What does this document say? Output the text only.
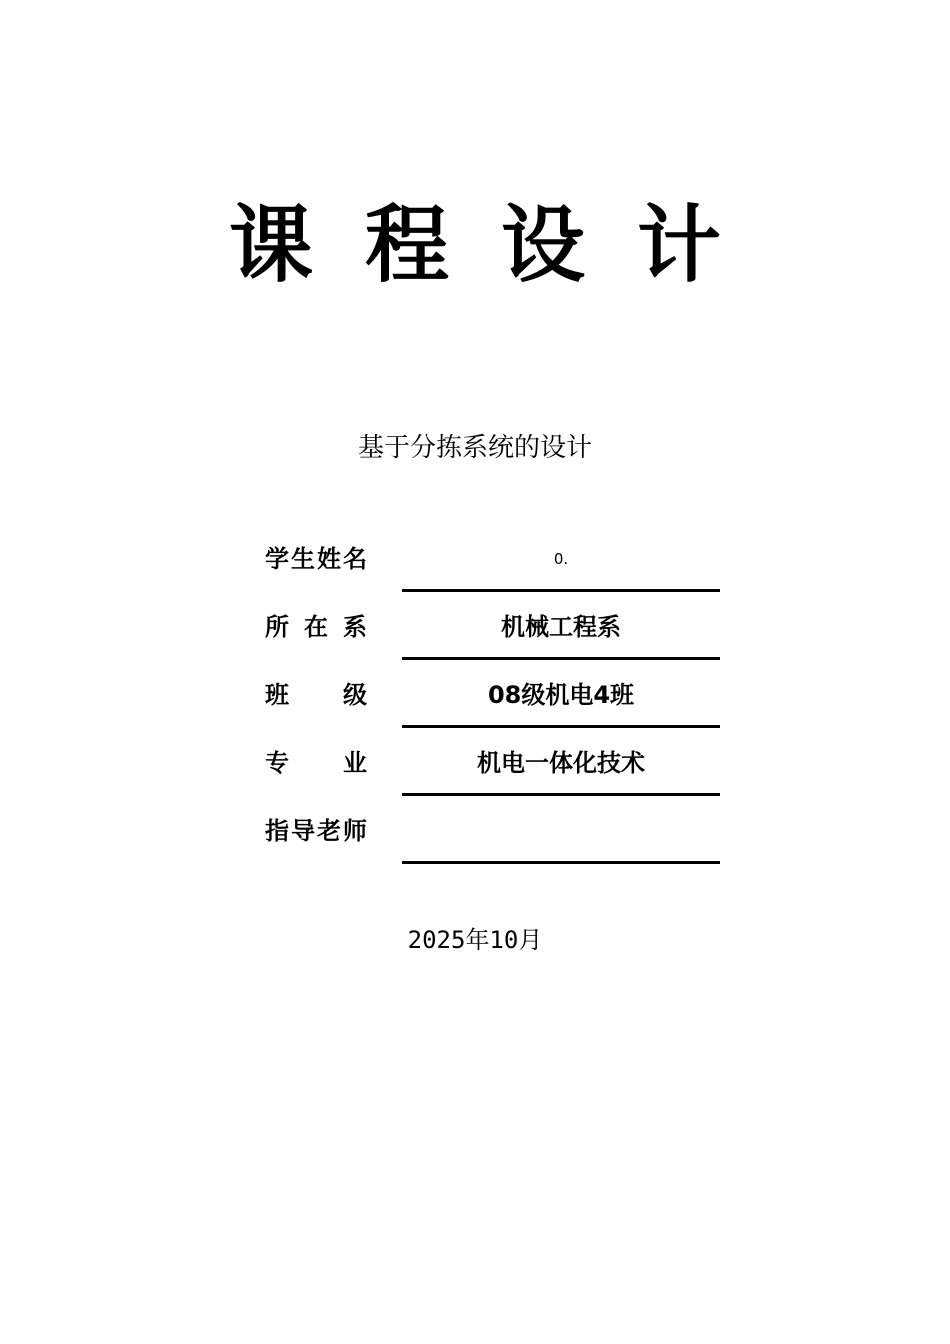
课程设计
基于分拣系统的设计
学 生 姓 名	0.
所 在 系	机械工程系
班 级	08级机电4班
专 业	机电一体化技术
指 导 老 师
2025年10月
